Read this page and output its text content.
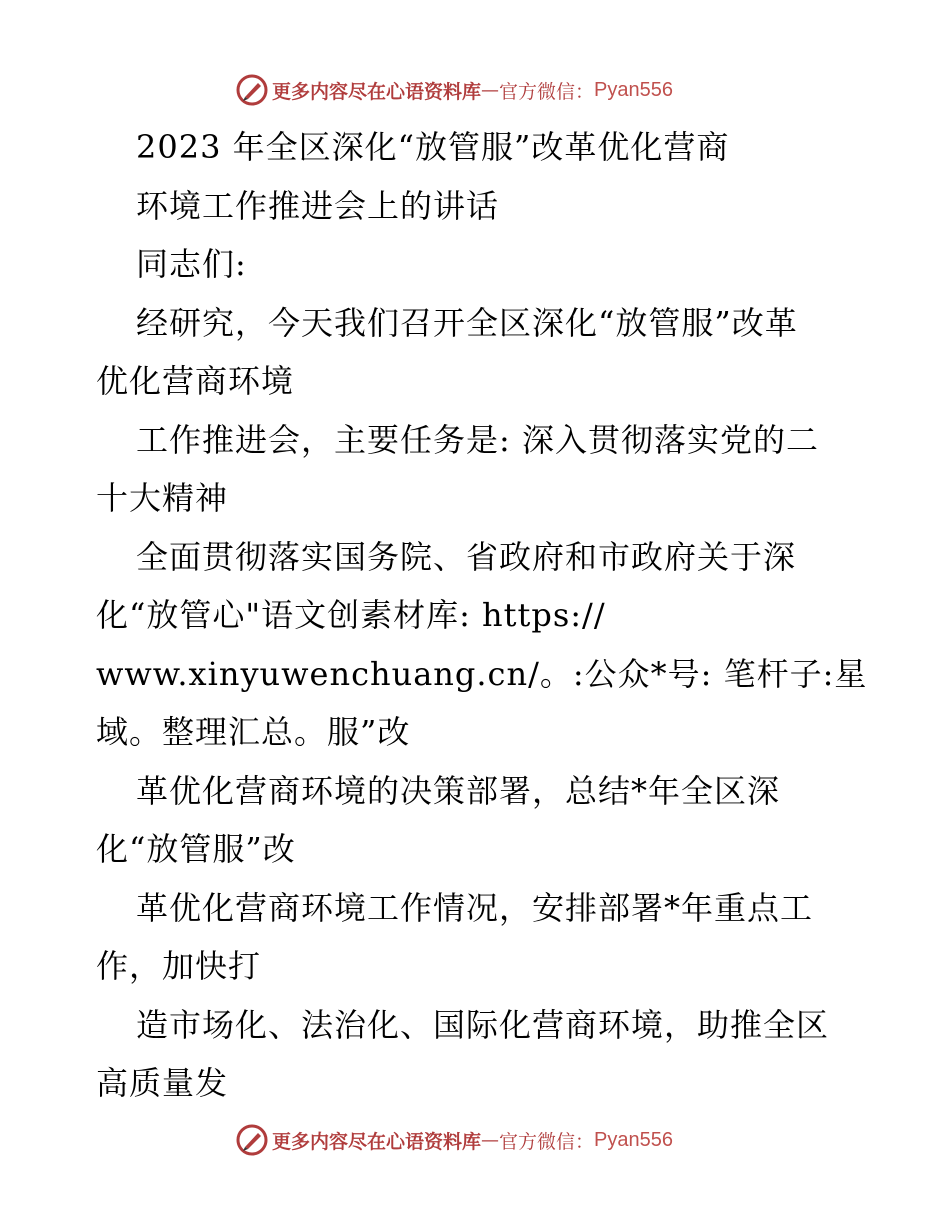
更多内容尽在心语资料库 — 官方微信： Pyan556
2023 年全区深化“放管服”改革优化营商
环境工作推进会上的讲话
同志们:
经研究，今天我们召开全区深化“放管服”改革
优化营商环境
工作推进会，主要任务是: 深入贯彻落实党的二
十大精神
全面贯彻落实国务院、省政府和市政府关于深
化“放管心"语文创素材库: https://
www.xinyuwenchuang.cn/。:公众*号: 笔杆子:星
域。整理汇总。服”改
革优化营商环境的决策部署，总结*年全区深
化“放管服”改
革优化营商环境工作情况，安排部署*年重点工
作，加快打
造市场化、法治化、国际化营商环境，助推全区
高质量发
更多内容尽在心语资料库 — 官方微信： Pyan556
